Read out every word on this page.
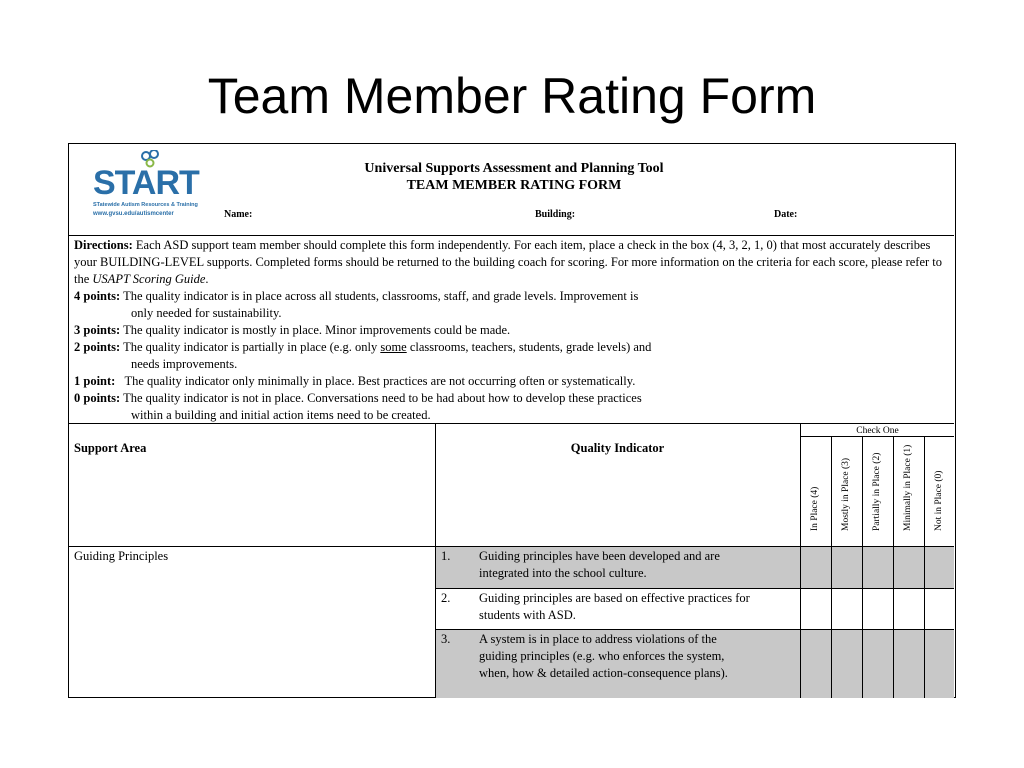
Team Member Rating Form
START
STatewide Autism Resources & Training
www.gvsu.edu/autismcenter
Universal Supports Assessment and Planning Tool
TEAM MEMBER RATING FORM
Name:	Building:	Date:
Directions: Each ASD support team member should complete this form independently. For each item, place a check in the box (4, 3, 2, 1, 0) that most accurately describes your BUILDING-LEVEL supports. Completed forms should be returned to the building coach for scoring. For more information on the criteria for each score, please refer to the USAPT Scoring Guide.
4 points: The quality indicator is in place across all students, classrooms, staff, and grade levels. Improvement is
only needed for sustainability.
3 points: The quality indicator is mostly in place. Minor improvements could be made.
2 points: The quality indicator is partially in place (e.g. only some classrooms, teachers, students, grade levels) and
needs improvements.
1 point: The quality indicator only minimally in place. Best practices are not occurring often or systematically.
0 points: The quality indicator is not in place. Conversations need to be had about how to develop these practices
within a building and initial action items need to be created.
Support Area	Quality Indicator
Check One
In Place (4) Mostly in Place (3) Partially in Place (2) Minimally in Place (1) Not in Place (0)
Guiding Principles	1. Guiding principles have been developed and are
integrated into the school culture.
2. Guiding principles are based on effective practices for
students with ASD.
3. A system is in place to address violations of the
guiding principles (e.g. who enforces the system,
when, how & detailed action-consequence plans).
